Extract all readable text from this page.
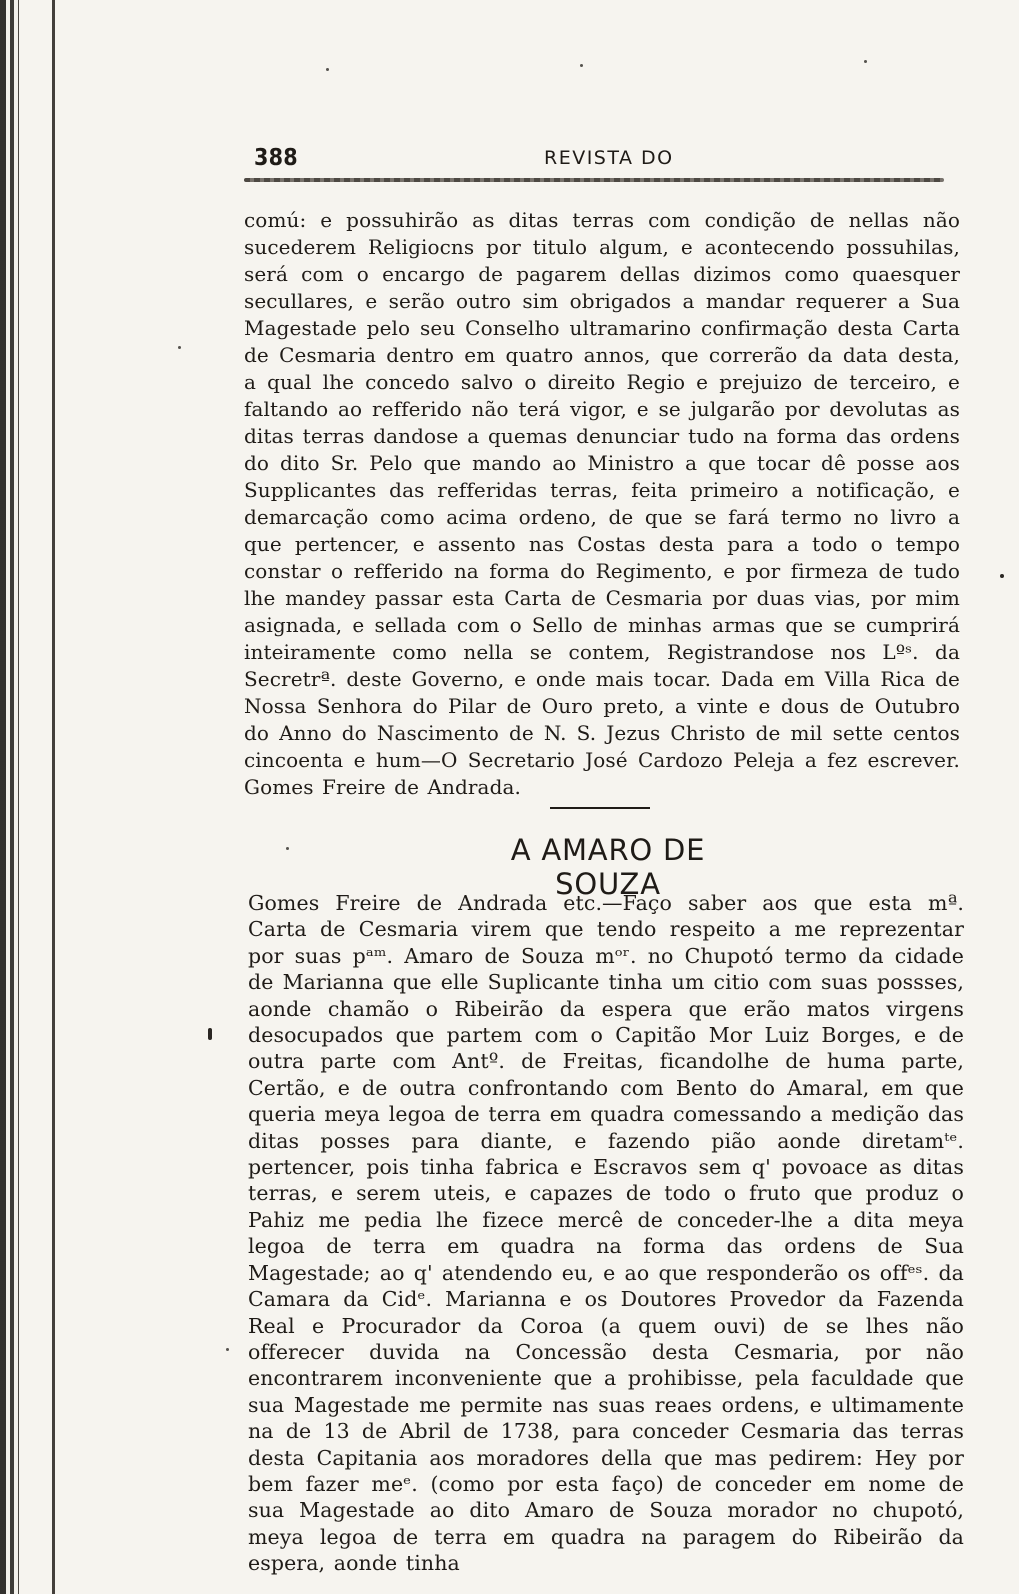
388	REVISTA DO
comú: e possuhirão as ditas terras com condição de nellas não sucederem Religiocns por titulo algum, e acontecendo possuhilas, será com o encargo de pagarem dellas dizimos como quaesquer secullares, e serão outro sim obrigados a mandar requerer a Sua Magestade pelo seu Conselho ultramarino confirmação desta Carta de Cesmaria dentro em quatro annos, que correrão da data desta, a qual lhe concedo salvo o direito Regio e prejuizo de terceiro, e faltando ao refferido não terá vigor, e se julgarão por devolutas as ditas terras dandose a quemas denunciar tudo na forma das ordens do dito Sr. Pelo que mando ao Ministro a que tocar dê posse aos Supplicantes das refferidas terras, feita primeiro a notificação, e demarcação como acima ordeno, de que se fará termo no livro a que pertencer, e assento nas Costas desta para a todo o tempo constar o refferido na forma do Regimento, e por firmeza de tudo lhe mandey passar esta Carta de Cesmaria por duas vias, por mim asignada, e sellada com o Sello de minhas armas que se cumprirá inteiramente como nella se contem, Registrandose nos Lºˢ. da Secretrª. deste Governo, e onde mais tocar. Dada em Villa Rica de Nossa Senhora do Pilar de Ouro preto, a vinte e dous de Outubro do Anno do Nascimento de N. S. Jezus Christo de mil sette centos cincoenta e hum—O Secretario José Cardozo Peleja a fez escrever. Gomes Freire de Andrada.
A AMARO DE SOUZA
Gomes Freire de Andrada etc.—Faço saber aos que esta mª. Carta de Cesmaria virem que tendo respeito a me reprezentar por suas pᵃᵐ. Amaro de Souza mᵒʳ. no Chupotó termo da cidade de Marianna que elle Suplicante tinha um citio com suas possses, aonde chamão o Ribeirão da espera que erão matos virgens desocupados que partem com o Capitão Mor Luiz Borges, e de outra parte com Antº. de Freitas, ficandolhe de huma parte, Certão, e de outra confrontando com Bento do Amaral, em que queria meya legoa de terra em quadra comessando a medição das ditas posses para diante, e fazendo pião aonde diretamᵗᵉ. pertencer, pois tinha fabrica e Escravos sem q' povoace as ditas terras, e serem uteis, e capazes de todo o fruto que produz o Pahiz me pedia lhe fizece mercê de conceder-lhe a dita meya legoa de terra em quadra na forma das ordens de Sua Magestade; ao q' atendendo eu, e ao que responderão os offᵉˢ. da Camara da Cidᵉ. Marianna e os Doutores Provedor da Fazenda Real e Procurador da Coroa (a quem ouvi) de se lhes não offerecer duvida na Concessão desta Cesmaria, por não encontrarem inconveniente que a prohibisse, pela faculdade que sua Magestade me permite nas suas reaes ordens, e ultimamente na de 13 de Abril de 1738, para conceder Cesmaria das terras desta Capitania aos moradores della que mas pedirem: Hey por bem fazer meᵉ. (como por esta faço) de conceder em nome de sua Magestade ao dito Amaro de Souza morador no chupotó, meya legoa de terra em quadra na paragem do Ribeirão da espera, aonde tinha
